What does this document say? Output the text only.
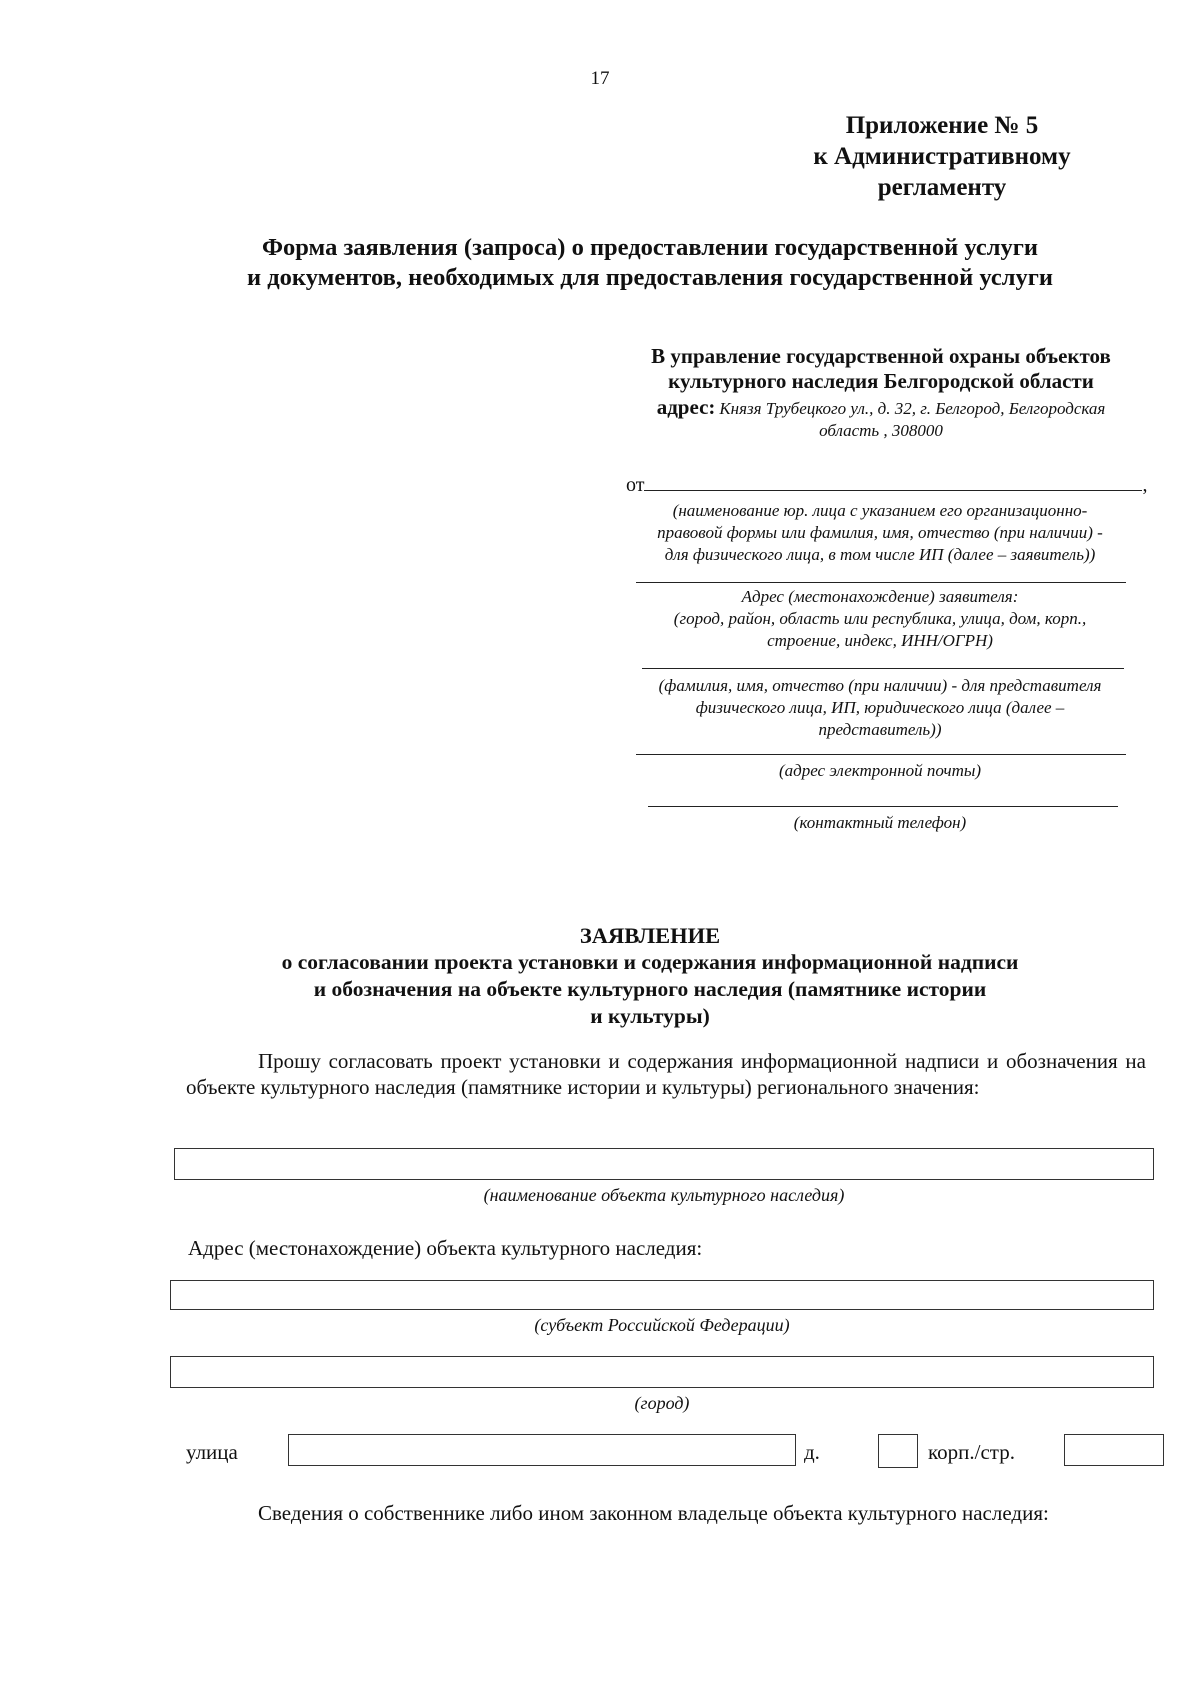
17
Приложение № 5
к Административному
регламенту
Форма заявления (запроса) о предоставлении государственной услуги
и документов, необходимых для предоставления государственной услуги
В управление государственной охраны объектов
культурного наследия Белгородской области
адрес: Князя Трубецкого ул., д. 32, г. Белгород, Белгородская
область , 308000
от	,
(наименование юр. лица с указанием его организационно-
правовой формы или фамилия, имя, отчество (при наличии) -
для физического лица, в том числе ИП (далее – заявитель))
Адрес (местонахождение) заявителя:
(город, район, область или республика, улица, дом, корп.,
строение, индекс, ИНН/ОГРН)
(фамилия, имя, отчество (при наличии) - для представителя
физического лица, ИП, юридического лица (далее –
представитель))
(адрес электронной почты)
(контактный телефон)
ЗАЯВЛЕНИЕ
о согласовании проекта установки и содержания информационной надписи
и обозначения на объекте культурного наследия (памятнике истории
и культуры)
Прошу согласовать проект установки и содержания информационной надписи и обозначения на объекте культурного наследия (памятнике истории и культуры) регионального значения:
(наименование объекта культурного наследия)
Адрес (местонахождение) объекта культурного наследия:
(субъект Российской Федерации)
(город)
улица	д.	корп./стр.
Сведения о собственнике либо ином законном владельце объекта культурного наследия:
